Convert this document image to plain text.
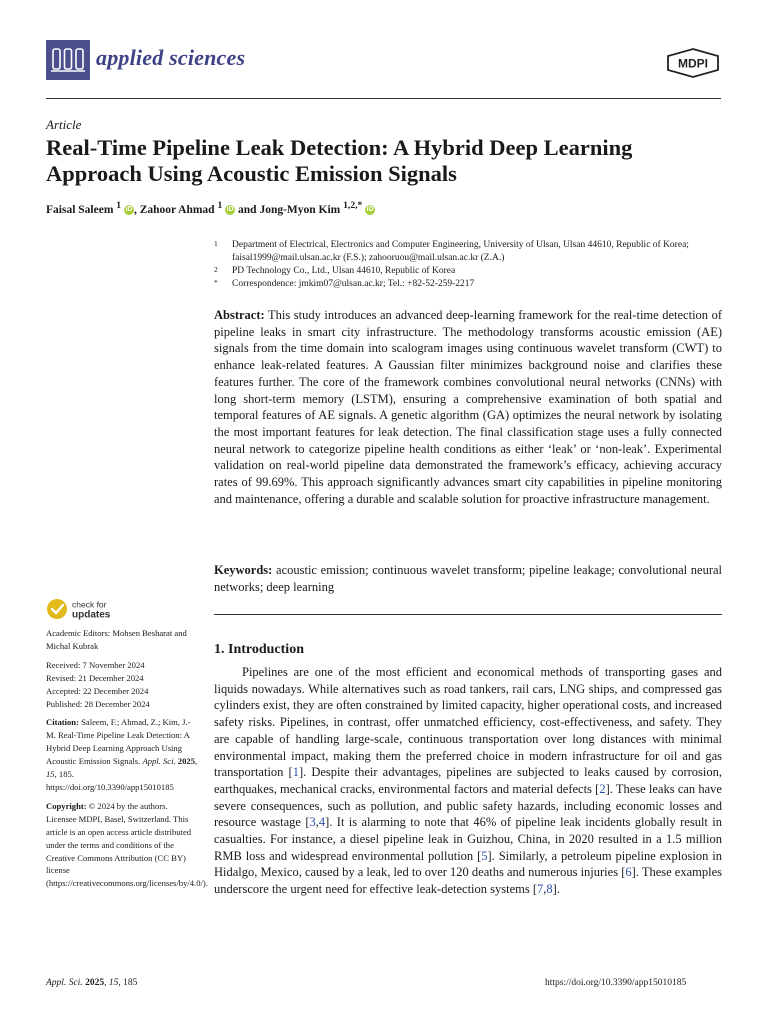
applied sciences	MDPI
Article
Real-Time Pipeline Leak Detection: A Hybrid Deep Learning Approach Using Acoustic Emission Signals
Faisal Saleem $^1$ iD , Zahoor Ahmad $^1$ iD and Jong-Myon Kim $^{1,2,*}$ iD
1 Department of Electrical, Electronics and Computer Engineering, University of Ulsan, Ulsan 44610, Republic of Korea; faisal1999@mail.ulsan.ac.kr (F.S.); zahooruou@mail.ulsan.ac.kr (Z.A.)
2 PD Technology Co., Ltd., Ulsan 44610, Republic of Korea
* Correspondence: jmkim07@ulsan.ac.kr; Tel.: +82-52-259-2217
Abstract: This study introduces an advanced deep-learning framework for the real-time detection of pipeline leaks in smart city infrastructure. The methodology transforms acoustic emission (AE) signals from the time domain into scalogram images using continuous wavelet transform (CWT) to enhance leak-related features. A Gaussian filter minimizes background noise and clarifies these features further. The core of the framework combines convolutional neural networks (CNNs) with long short-term memory (LSTM), ensuring a comprehensive examination of both spatial and temporal features of AE signals. A genetic algorithm (GA) optimizes the neural network by isolating the most important features for leak detection. The final classification stage uses a fully connected neural network to categorize pipeline health conditions as either ‘leak’ or ‘non-leak’. Experimental validation on real-world pipeline data demonstrated the framework’s efficacy, achieving accuracy rates of 99.69%. This approach significantly advances smart city capabilities in pipeline monitoring and maintenance, offering a durable and scalable solution for proactive infrastructure management.
Keywords: acoustic emission; continuous wavelet transform; pipeline leakage; convolutional neural networks; deep learning
check for
updates

Academic Editors: Mohsen Besharat and Michal Kubrak

Received: 7 November 2024
Revised: 21 December 2024
Accepted: 22 December 2024

Published: 28 December 2024

Citation: Saleem, F.; Ahmad, Z.; Kim, J.-M. Real-Time Pipeline Leak Detection: A Hybrid Deep Learning Approach Using Acoustic Emission Signals. Appl. Sci. 2025, 15, 185. https://doi.org/10.3390/app15010185

Copyright: © 2024 by the authors. Licensee MDPI, Basel, Switzerland. This article is an open access article distributed under the terms and conditions of the Creative Commons Attribution (CC BY) license (https://creativecommons.org/licenses/by/4.0/).

1. Introduction
Pipelines are one of the most efficient and economical methods of transporting gases and liquids nowadays. While alternatives such as road tankers, rail cars, LNG ships, and compressed gas cylinders exist, they are often constrained by limited capacity, higher operational costs, and increased safety risks. Pipelines, in contrast, offer unmatched efficiency, cost-effectiveness, and safety. They are capable of handling large-scale, continuous transportation over long distances with minimal environmental impact, making them the preferred choice in modern infrastructure for oil and gas transportation [1]. Despite their advantages, pipelines are subjected to leaks caused by corrosion, earthquakes, mechanical cracks, environmental factors and material defects [2]. These leaks can have severe consequences, such as pollution, and public safety hazards, including economic losses and resource wastage [3,4]. It is alarming to note that 46% of pipeline leak incidents globally result in casualties. For instance, a diesel pipeline leak in Guizhou, China, in 2020 resulted in a 1.5 million RMB loss and widespread environmental pollution [5]. Similarly, a petroleum pipeline explosion in Hidalgo, Mexico, caused by a leak, led to over 120 deaths and numerous injuries [6]. These examples underscore the urgent need for effective leak-detection systems [7,8].
Appl. Sci. 2025, 15, 185	https://doi.org/10.3390/app15010185
